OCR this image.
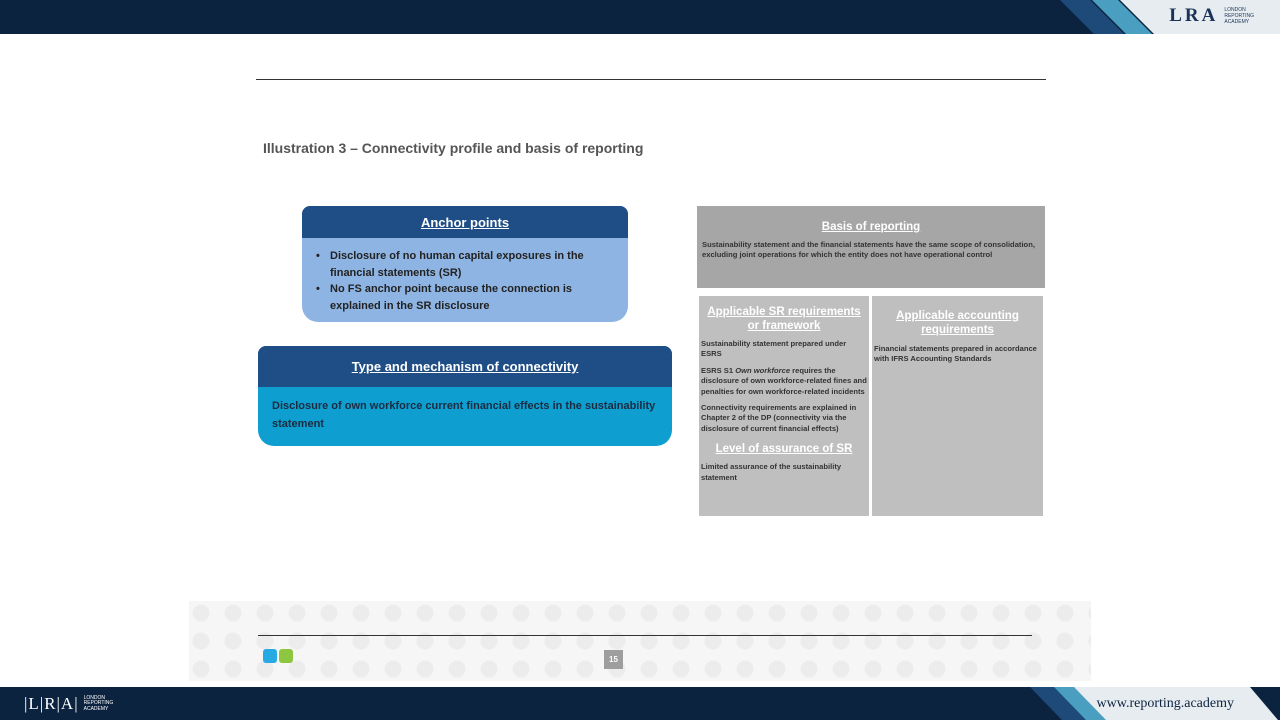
LRA LONDON
REPORTING
ACADEMY
Illustration 3 – Connectivity profile and basis of reporting
Anchor points
• Disclosure of no human capital exposures in the financial statements (SR)
• No FS anchor point because the connection is explained in the SR disclosure
Type and mechanism of connectivity
Disclosure of own workforce current financial effects in the sustainability statement
Basis of reporting
Sustainability statement and the financial statements have the same scope of consolidation, excluding joint operations for which the entity does not have operational control
Applicable SR requirements or framework
Sustainability statement prepared under ESRS
ESRS S1 Own workforce requires the disclosure of own workforce-related fines and penalties for own workforce-related incidents
Connectivity requirements are explained in Chapter 2 of the DP (connectivity via the disclosure of current financial effects)
Level of assurance of SR
Limited assurance of the sustainability statement
Applicable accounting requirements
Financial statements prepared in accordance with IFRS Accounting Standards
15
|L|R|A| LONDON
REPORTING
ACADEMY	www.reporting.academy
